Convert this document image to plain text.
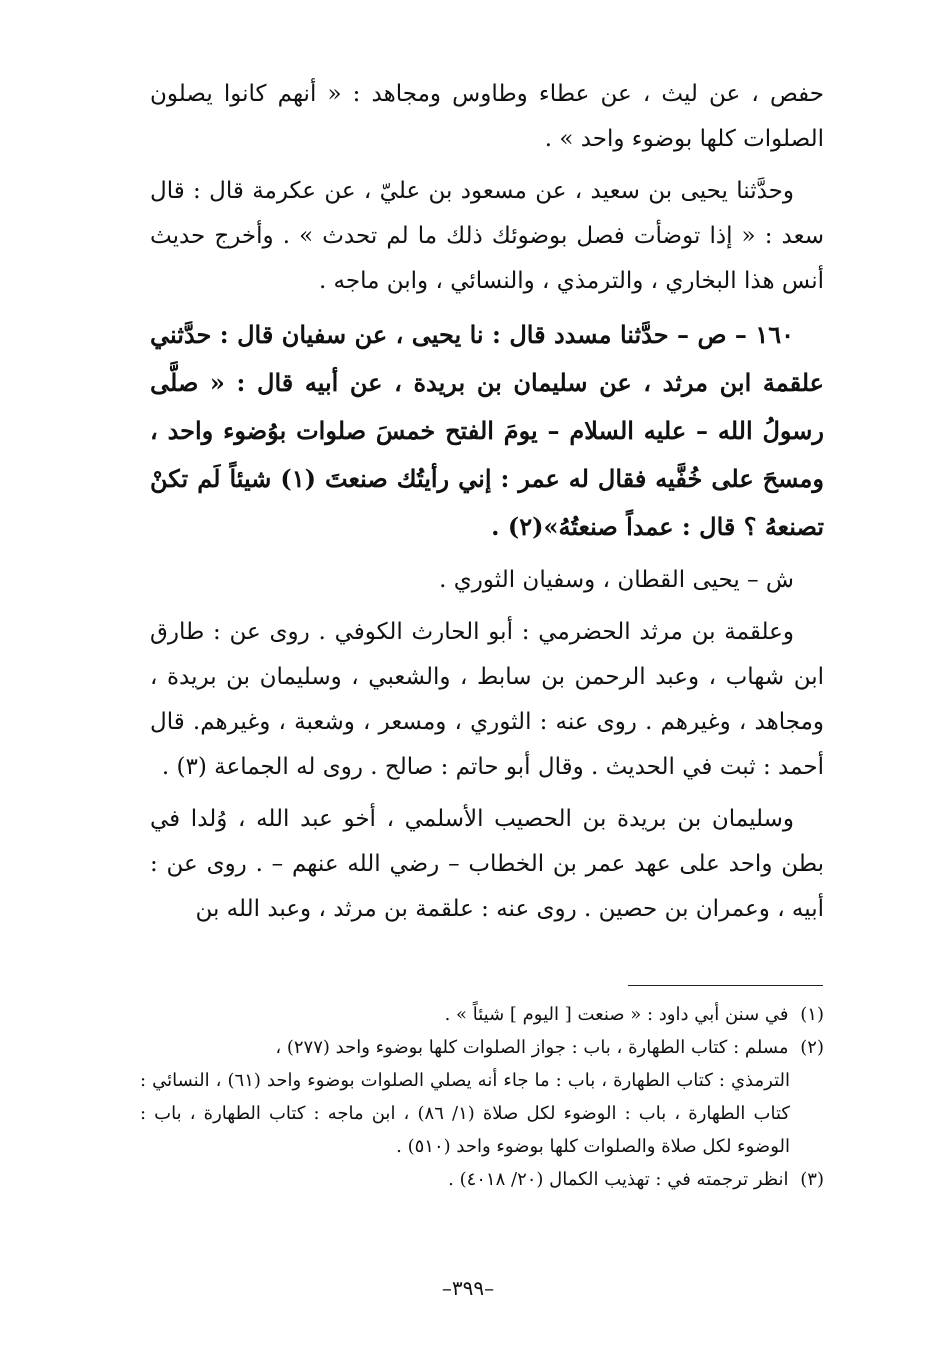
حفص ، عن ليث ، عن عطاء وطاوس ومجاهد : « أنهم كانوا يصلون الصلوات كلها بوضوء واحد » .

وحدَّثنا يحيى بن سعيد ، عن مسعود بن عليّ ، عن عكرمة قال : قال سعد : « إذا توضأت فصل بوضوئك ذلك ما لم تحدث » . وأخرج حديث أنس هذا البخاري ، والترمذي ، والنسائي ، وابن ماجه .

١٦٠ – ص – حدَّثنا مسدد قال : نا يحيى ، عن سفيان قال : حدَّثني علقمة ابن مرثد ، عن سليمان بن بريدة ، عن أبيه قال : « صلَّى رسولُ الله – عليه السلام – يومَ الفتح خمسَ صلوات بوُضوء واحد ، ومسحَ على خُفَّيه فقال له عمر : إني رأيتُك صنعتَ (١) شيئاً لَم تكنْ تصنعهُ ؟ قال : عمداً صنعتُهُ»(٢) .

ش – يحيى القطان ، وسفيان الثوري .

وعلقمة بن مرثد الحضرمي : أبو الحارث الكوفي . روى عن : طارق ابن شهاب ، وعبد الرحمن بن سابط ، والشعبي ، وسليمان بن بريدة ، ومجاهد ، وغيرهم . روى عنه : الثوري ، ومسعر ، وشعبة ، وغيرهم. قال أحمد : ثبت في الحديث . وقال أبو حاتم : صالح . روى له الجماعة (٣) .

وسليمان بن بريدة بن الحصيب الأسلمي ، أخو عبد الله ، وُلدا في بطن واحد على عهد عمر بن الخطاب – رضي الله عنهم – . روى عن : أبيه ، وعمران بن حصين . روى عنه : علقمة بن مرثد ، وعبد الله بن

(١) في سنن أبي داود : « صنعت [ اليوم ] شيئاً » .

(٢) مسلم : كتاب الطهارة ، باب : جواز الصلوات كلها بوضوء واحد (٢٧٧) ،

الترمذي : كتاب الطهارة ، باب : ما جاء أنه يصلي الصلوات بوضوء واحد (٦١) ، النسائي : كتاب الطهارة ، باب : الوضوء لكل صلاة (١/ ٨٦) ، ابن ماجه : كتاب الطهارة ، باب : الوضوء لكل صلاة والصلوات كلها بوضوء واحد (٥١٠) .

(٣) انظر ترجمته في : تهذيب الكمال (٢٠/ ٤٠١٨) .

–٣٩٩–
